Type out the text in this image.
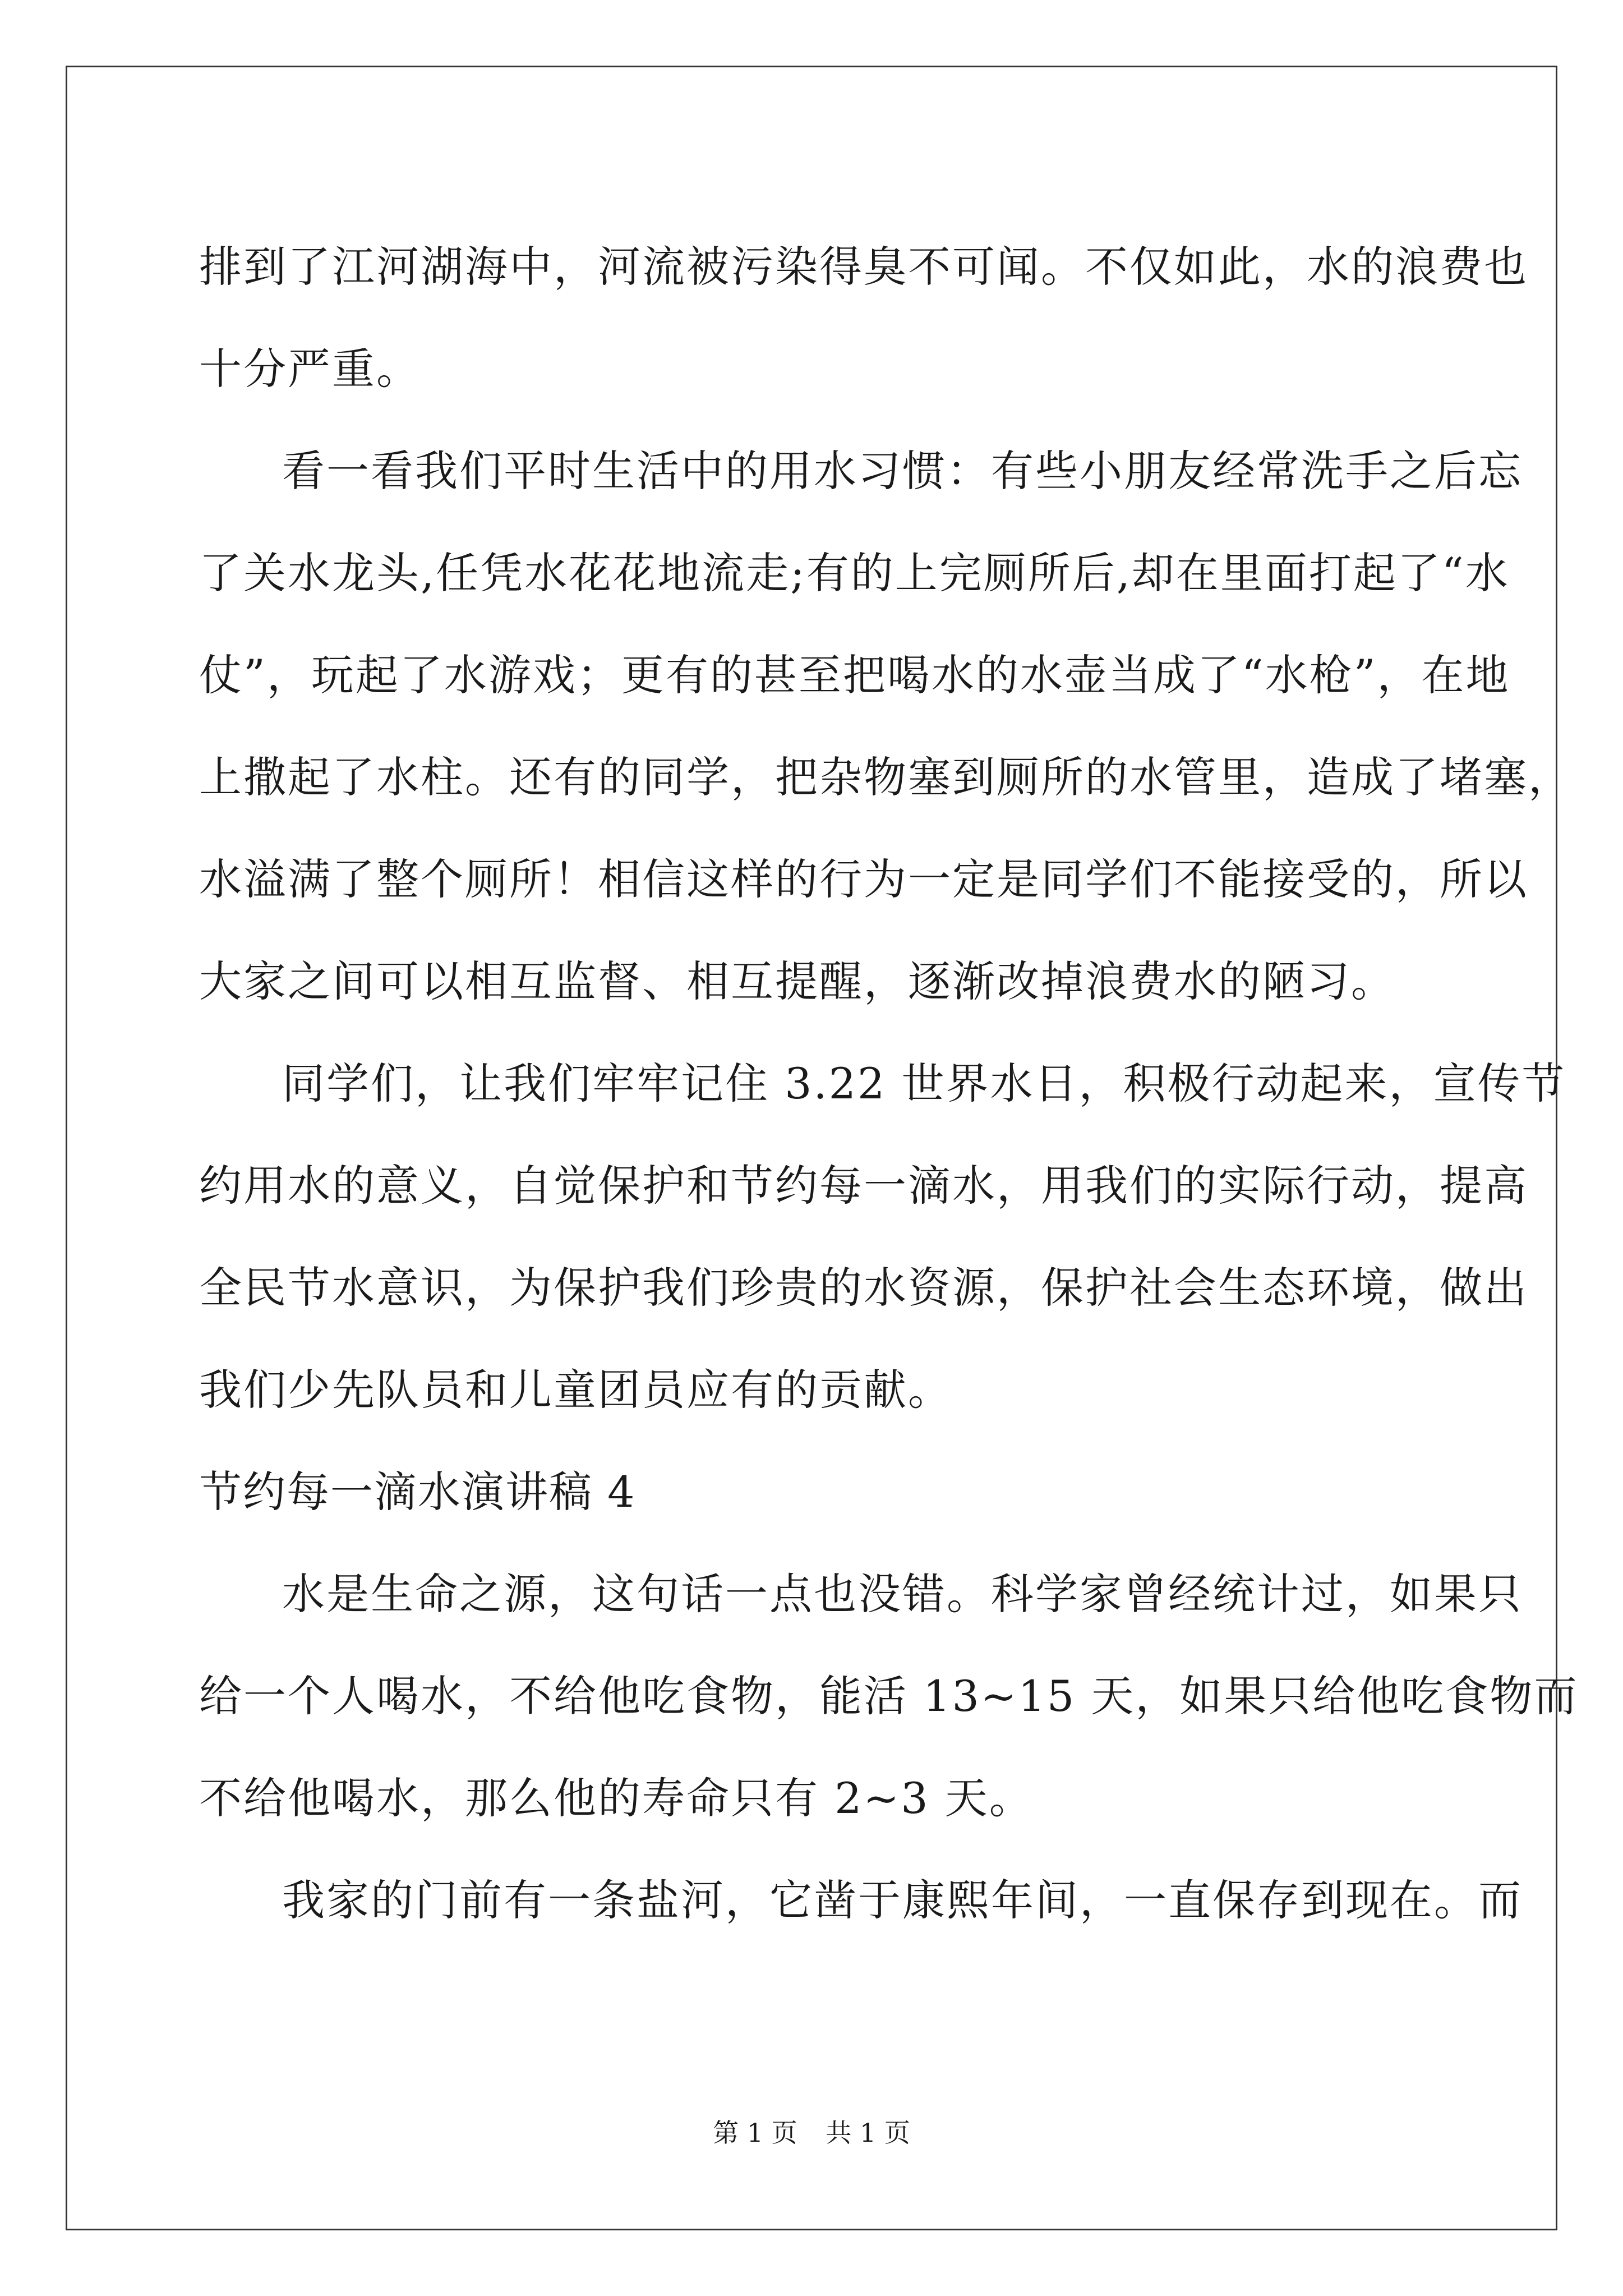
排到了江河湖海中，河流被污染得臭不可闻。不仅如此，水的浪费也
十分严重。
看一看我们平时生活中的用水习惯：有些小朋友经常洗手之后忘
了关水龙头,任凭水花花地流走;有的上完厕所后,却在里面打起了“水
仗”，玩起了水游戏；更有的甚至把喝水的水壶当成了“水枪”，在地
上撒起了水柱。还有的同学，把杂物塞到厕所的水管里，造成了堵塞，
水溢满了整个厕所！相信这样的行为一定是同学们不能接受的，所以
大家之间可以相互监督、相互提醒，逐渐改掉浪费水的陋习。
同学们，让我们牢牢记住 3.22 世界水日，积极行动起来，宣传节
约用水的意义，自觉保护和节约每一滴水，用我们的实际行动，提高
全民节水意识，为保护我们珍贵的水资源，保护社会生态环境，做出
我们少先队员和儿童团员应有的贡献。
节约每一滴水演讲稿 4
水是生命之源，这句话一点也没错。科学家曾经统计过，如果只
给一个人喝水，不给他吃食物，能活 13~15 天，如果只给他吃食物而
不给他喝水，那么他的寿命只有 2~3 天。
我家的门前有一条盐河，它凿于康熙年间，一直保存到现在。而
第 1 页 共 1 页
